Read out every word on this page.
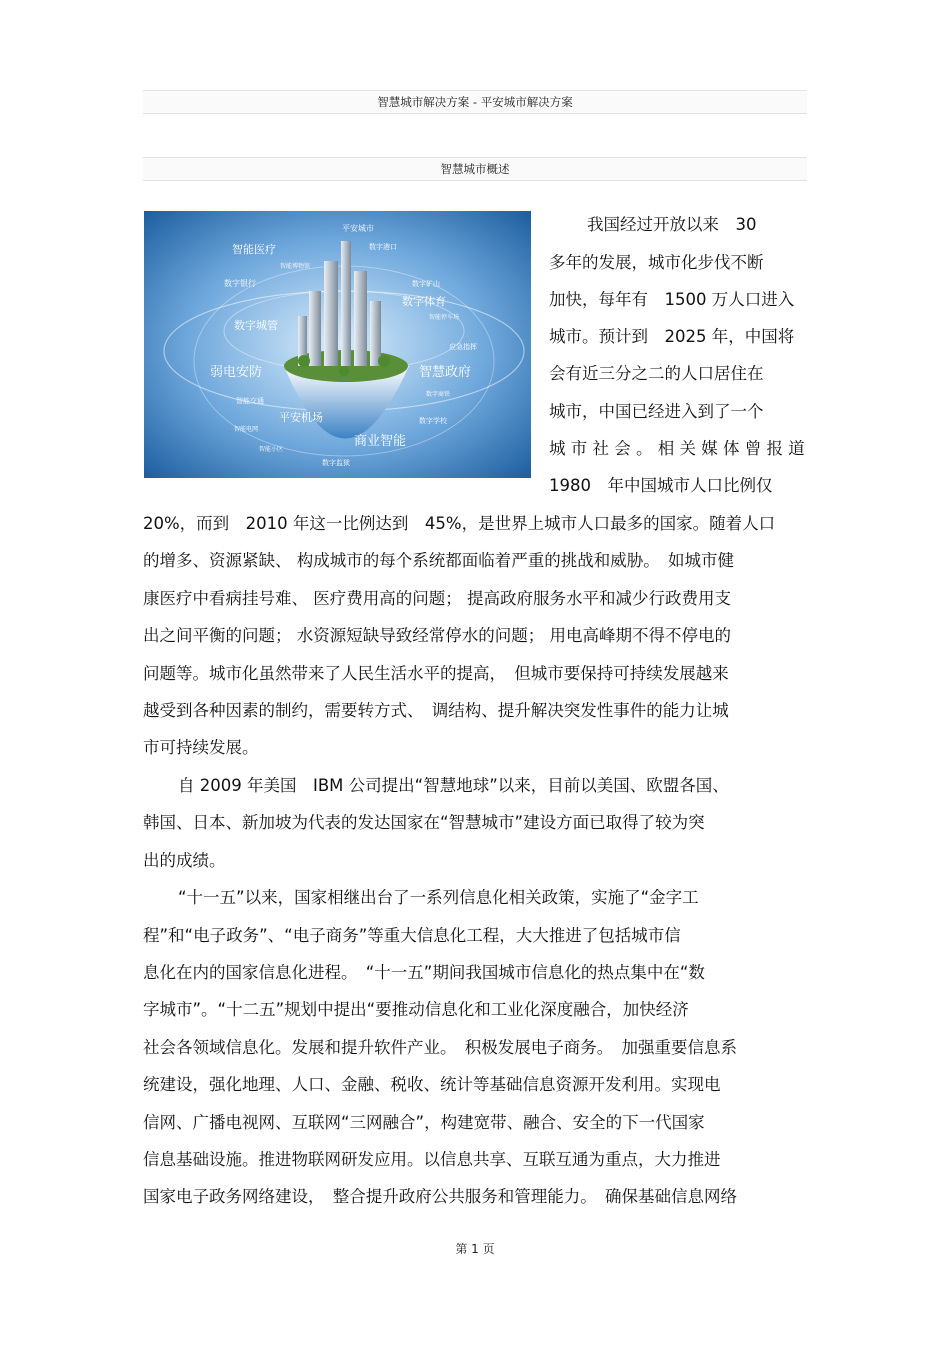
智慧城市解决方案 - 平安城市解决方案
智慧城市概述
平安城市
数字港口
智能医疗
智能博物馆
数字银行	数字矿山
数字体育
智能停车场
数字城管
应急指挥
弱电安防	智慧政府
数字商铁
智能交通
平安机场	数字学校
智能电网
商业智能
智能小区
数字监狱
我国经过开放以来　30
多年的发展，城市化步伐不断
加快，每年有　1500 万人口进入
城市。预计到　2025 年，中国将
会有近三分之二的人口居住在
城市，中国已经进入到了一个
城 市 社 会 。 相 关 媒 体 曾 报 道
1980　年中国城市人口比例仅
20%，而到　2010 年这一比例达到　45%，是世界上城市人口最多的国家。随着人口
的增多、资源紧缺、 构成城市的每个系统都面临着严重的挑战和威胁。　如城市健
康医疗中看病挂号难、 医疗费用高的问题； 提高政府服务水平和减少行政费用支
出之间平衡的问题； 水资源短缺导致经常停水的问题； 用电高峰期不得不停电的
问题等。城市化虽然带来了人民生活水平的提高，　但城市要保持可持续发展越来
越受到各种因素的制约，需要转方式、　调结构、提升解决突发性事件的能力让城
市可持续发展。
自 2009 年美国　IBM 公司提出“智慧地球”以来，目前以美国、欧盟各国、
韩国、日本、新加坡为代表的发达国家在“智慧城市”建设方面已取得了较为突
出的成绩。
“十一五”以来，国家相继出台了一系列信息化相关政策，实施了“金字工
程”和“电子政务”、“电子商务”等重大信息化工程，大大推进了包括城市信
息化在内的国家信息化进程。　“十一五”期间我国城市信息化的热点集中在“数
字城市”。“十二五”规划中提出“要推动信息化和工业化深度融合，加快经济
社会各领域信息化。发展和提升软件产业。　积极发展电子商务。　加强重要信息系
统建设，强化地理、人口、金融、税收、统计等基础信息资源开发利用。实现电
信网、广播电视网、互联网“三网融合”，构建宽带、融合、安全的下一代国家
信息基础设施。推进物联网研发应用。以信息共享、互联互通为重点，大力推进
国家电子政务网络建设，　整合提升政府公共服务和管理能力。　确保基础信息网络
第 1 页
